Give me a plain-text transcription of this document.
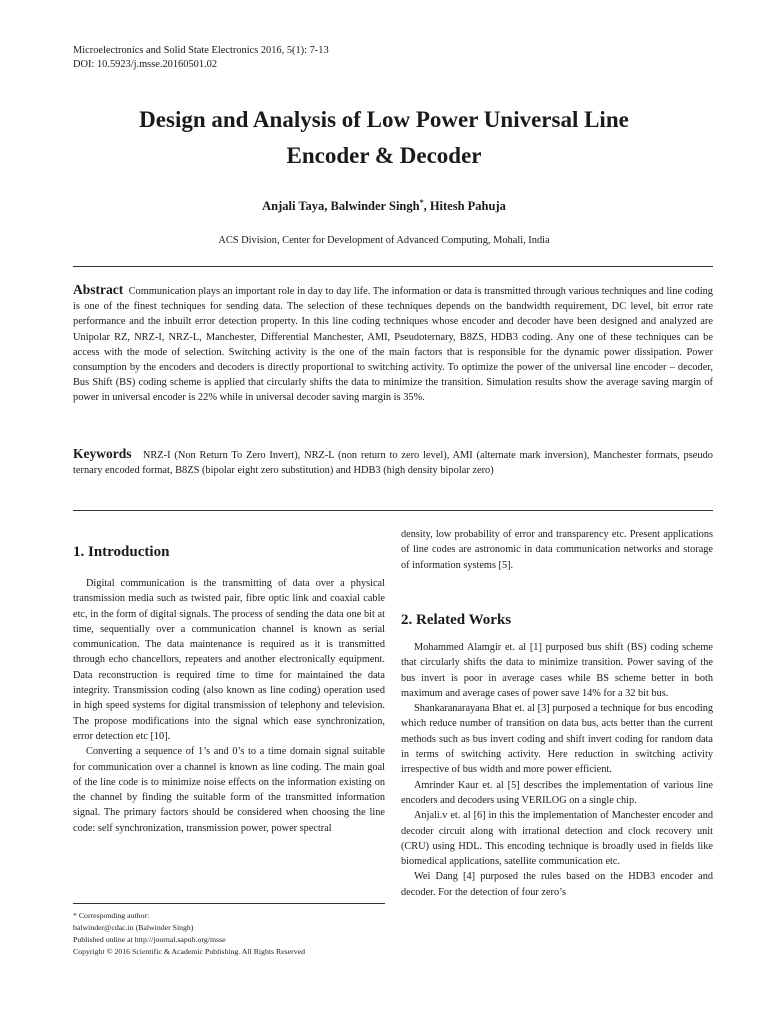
Microelectronics and Solid State Electronics 2016, 5(1): 7-13
DOI: 10.5923/j.msse.20160501.02
Design and Analysis of Low Power Universal Line
Encoder & Decoder
Anjali Taya, Balwinder Singh*, Hitesh Pahuja
ACS Division, Center for Development of Advanced Computing, Mohali, India
Abstract Communication plays an important role in day to day life. The information or data is transmitted through various techniques and line coding is one of the finest techniques for sending data. The selection of these techniques depends on the bandwidth requirement, DC level, bit error rate performance and the inbuilt error detection property. In this line coding techniques whose encoder and decoder have been designed and analyzed are Unipolar RZ, NRZ-I, NRZ-L, Manchester, Differential Manchester, AMI, Pseudoternary, B8ZS, HDB3 coding. Any one of these techniques can be access with the mode of selection. Switching activity is the one of the main factors that is responsible for the dynamic power dissipation. Power consumption by the encoders and decoders is directly proportional to switching activity. To optimize the power of the universal line encoder – decoder, Bus Shift (BS) coding scheme is applied that circularly shifts the data to minimize the transition. Simulation results show the average saving margin of power in universal encoder is 22% while in universal decoder saving margin is 35%.
Keywords NRZ-I (Non Return To Zero Invert), NRZ-L (non return to zero level), AMI (alternate mark inversion), Manchester formats, pseudo ternary encoded format, B8ZS (bipolar eight zero substitution) and HDB3 (high density bipolar zero)
1. Introduction

Digital communication is the transmitting of data over a physical transmission media such as twisted pair, fibre optic link and coaxial cable etc, in the form of digital signals. The process of sending the data one bit at time, sequentially over a communication channel is known as serial communication. The data maintenance is required as it is transmitted through echo chancellors, repeaters and another electronically equipment. Data reconstruction is required time to time for maintained the data integrity. Transmission coding (also known as line coding) operation used in high speed systems for digital transmission of telephony and television. The propose modifications into the signal which ease synchronization, error detection etc [10].

Converting a sequence of 1’s and 0’s to a time domain signal suitable for communication over a channel is known as line coding. The main goal of the line code is to minimize noise effects on the information existing on the channel by finding the suitable form of the transmitted information signal. The primary factors should be considered when choosing the line code: self synchronization, transmission power, power spectral

* Corresponding author:
balwinder@cdac.in (Balwinder Singh)
Published online at http://journal.sapub.org/msse
Copyright © 2016 Scientific & Academic Publishing. All Rights Reserved

density, low probability of error and transparency etc. Present applications of line codes are astronomic in data communication networks and storage of information systems [5].

2. Related Works

Mohammed Alamgir et. al [1] purposed bus shift (BS) coding scheme that circularly shifts the data to minimize transition. Power saving of the bus invert is poor in average cases while BS scheme better in both maximum and average cases of power save 14% for a 32 bit bus.

Shankaranarayana Bhat et. al [3] purposed a technique for bus encoding which reduce number of transition on data bus, acts better than the current methods such as bus invert coding and shift invert coding for random data in terms of switching activity. Here reduction in switching activity irrespective of bus width and more power efficient.

Amrinder Kaur et. al [5] describes the implementation of various line encoders and decoders using VERILOG on a single chip.

Anjali.v et. al [6] in this the implementation of Manchester encoder and decoder circuit along with irrational detection and clock recovery unit (CRU) using HDL. This encoding technique is broadly used in fields like biomedical applications, satellite communication etc.

Wei Dang [4] purposed the rules based on the HDB3 encoder and decoder. For the detection of four zero’s
